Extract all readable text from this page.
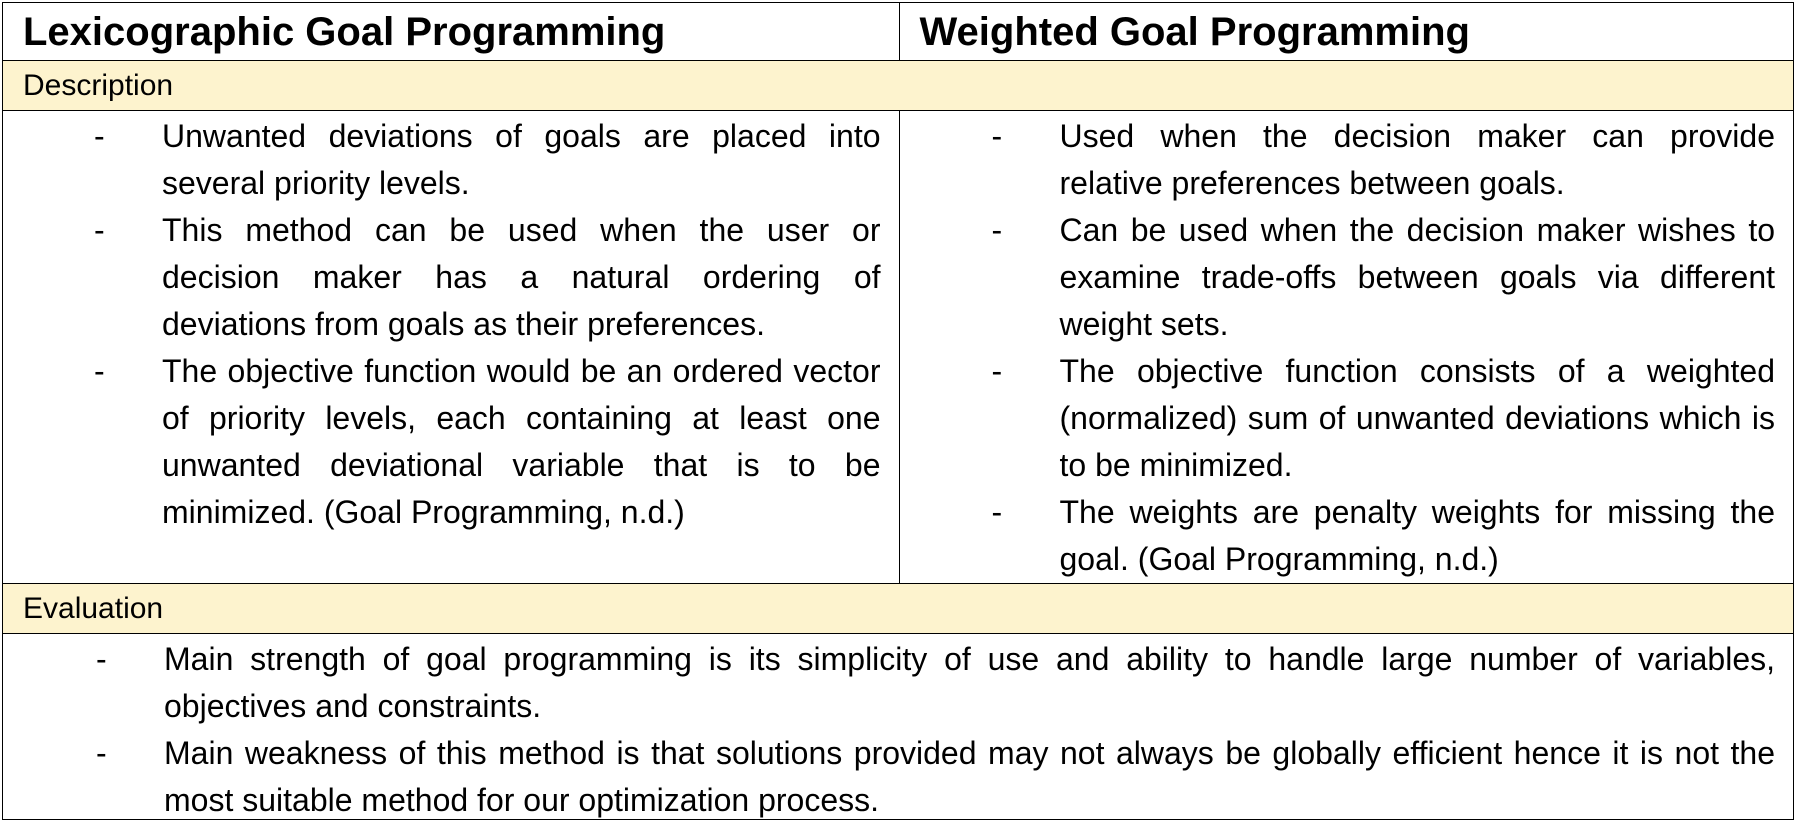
Lexicographic Goal Programming	Weighted Goal Programming
Description
- Unwanted deviations of goals are placed into several priority levels.
- This method can be used when the user or decision maker has a natural ordering of deviations from goals as their preferences.
- The objective function would be an ordered vector of priority levels, each containing at least one unwanted deviational variable that is to be minimized. (Goal Programming, n.d.)
- Used when the decision maker can provide relative preferences between goals.
- Can be used when the decision maker wishes to examine trade-offs between goals via different weight sets.
- The objective function consists of a weighted (normalized) sum of unwanted deviations which is to be minimized.
- The weights are penalty weights for missing the goal. (Goal Programming, n.d.)
Evaluation
- Main strength of goal programming is its simplicity of use and ability to handle large number of variables, objectives and constraints.
- Main weakness of this method is that solutions provided may not always be globally efficient hence it is not the most suitable method for our optimization process.
